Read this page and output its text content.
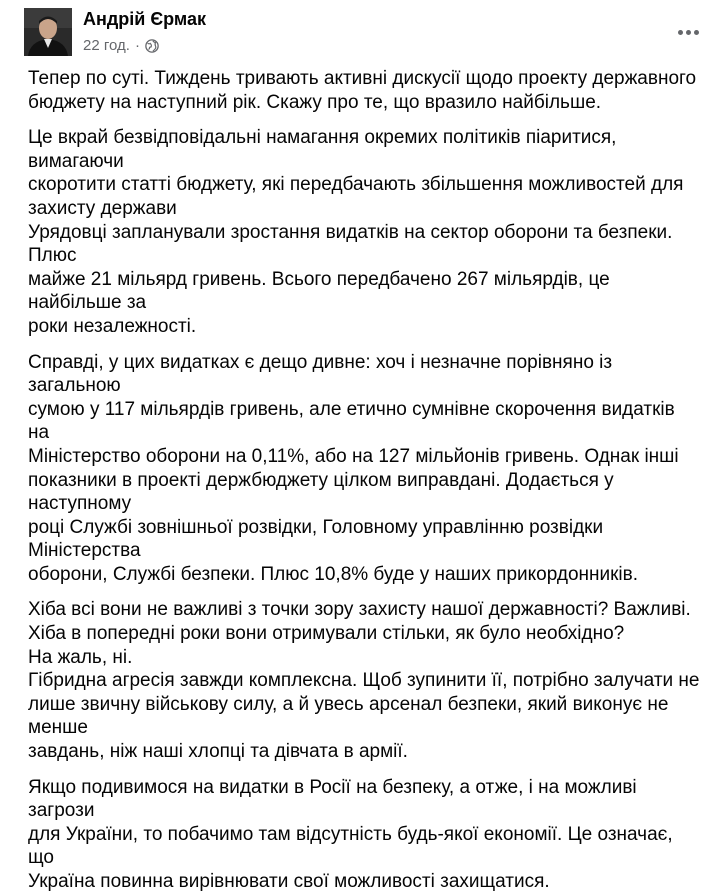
Андрій Єрмак
22 год. ·

Тепер по суті. Тиждень тривають активні дискусії щодо проекту державного
бюджету на наступний рік. Скажу про те, що вразило найбільше.

Це вкрай безвідповідальні намагання окремих політиків піаритися, вимагаючи
скоротити статті бюджету, які передбачають збільшення можливостей для
захисту держави
Урядовці запланували зростання видатків на сектор оборони та безпеки. Плюс
майже 21 мільярд гривень. Всього передбачено 267 мільярдів, це найбільше за
роки незалежності.

Справді, у цих видатках є дещо дивне: хоч і незначне порівняно із загальною
сумою у 117 мільярдів гривень, але етично сумнівне скорочення видатків на
Міністерство оборони на 0,11%, або на 127 мільйонів гривень. Однак інші
показники в проекті держбюджету цілком виправдані. Додається у наступному
році Службі зовнішньої розвідки, Головному управлінню розвідки Міністерства
оборони, Службі безпеки. Плюс 10,8% буде у наших прикордонників.

Хіба всі вони не важливі з точки зору захисту нашої державності? Важливі.
Хіба в попередні роки вони отримували стільки, як було необхідно?
На жаль, ні.
Гібридна агресія завжди комплексна. Щоб зупинити її, потрібно залучати не
лише звичну військову силу, а й увесь арсенал безпеки, який виконує не менше
завдань, ніж наші хлопці та дівчата в армії.

Якщо подивимося на видатки в Росії на безпеку, а отже, і на можливі загрози
для України, то побачимо там відсутність будь-якої економії. Це означає, що
Україна повинна вирівнювати свої можливості захищатися.
